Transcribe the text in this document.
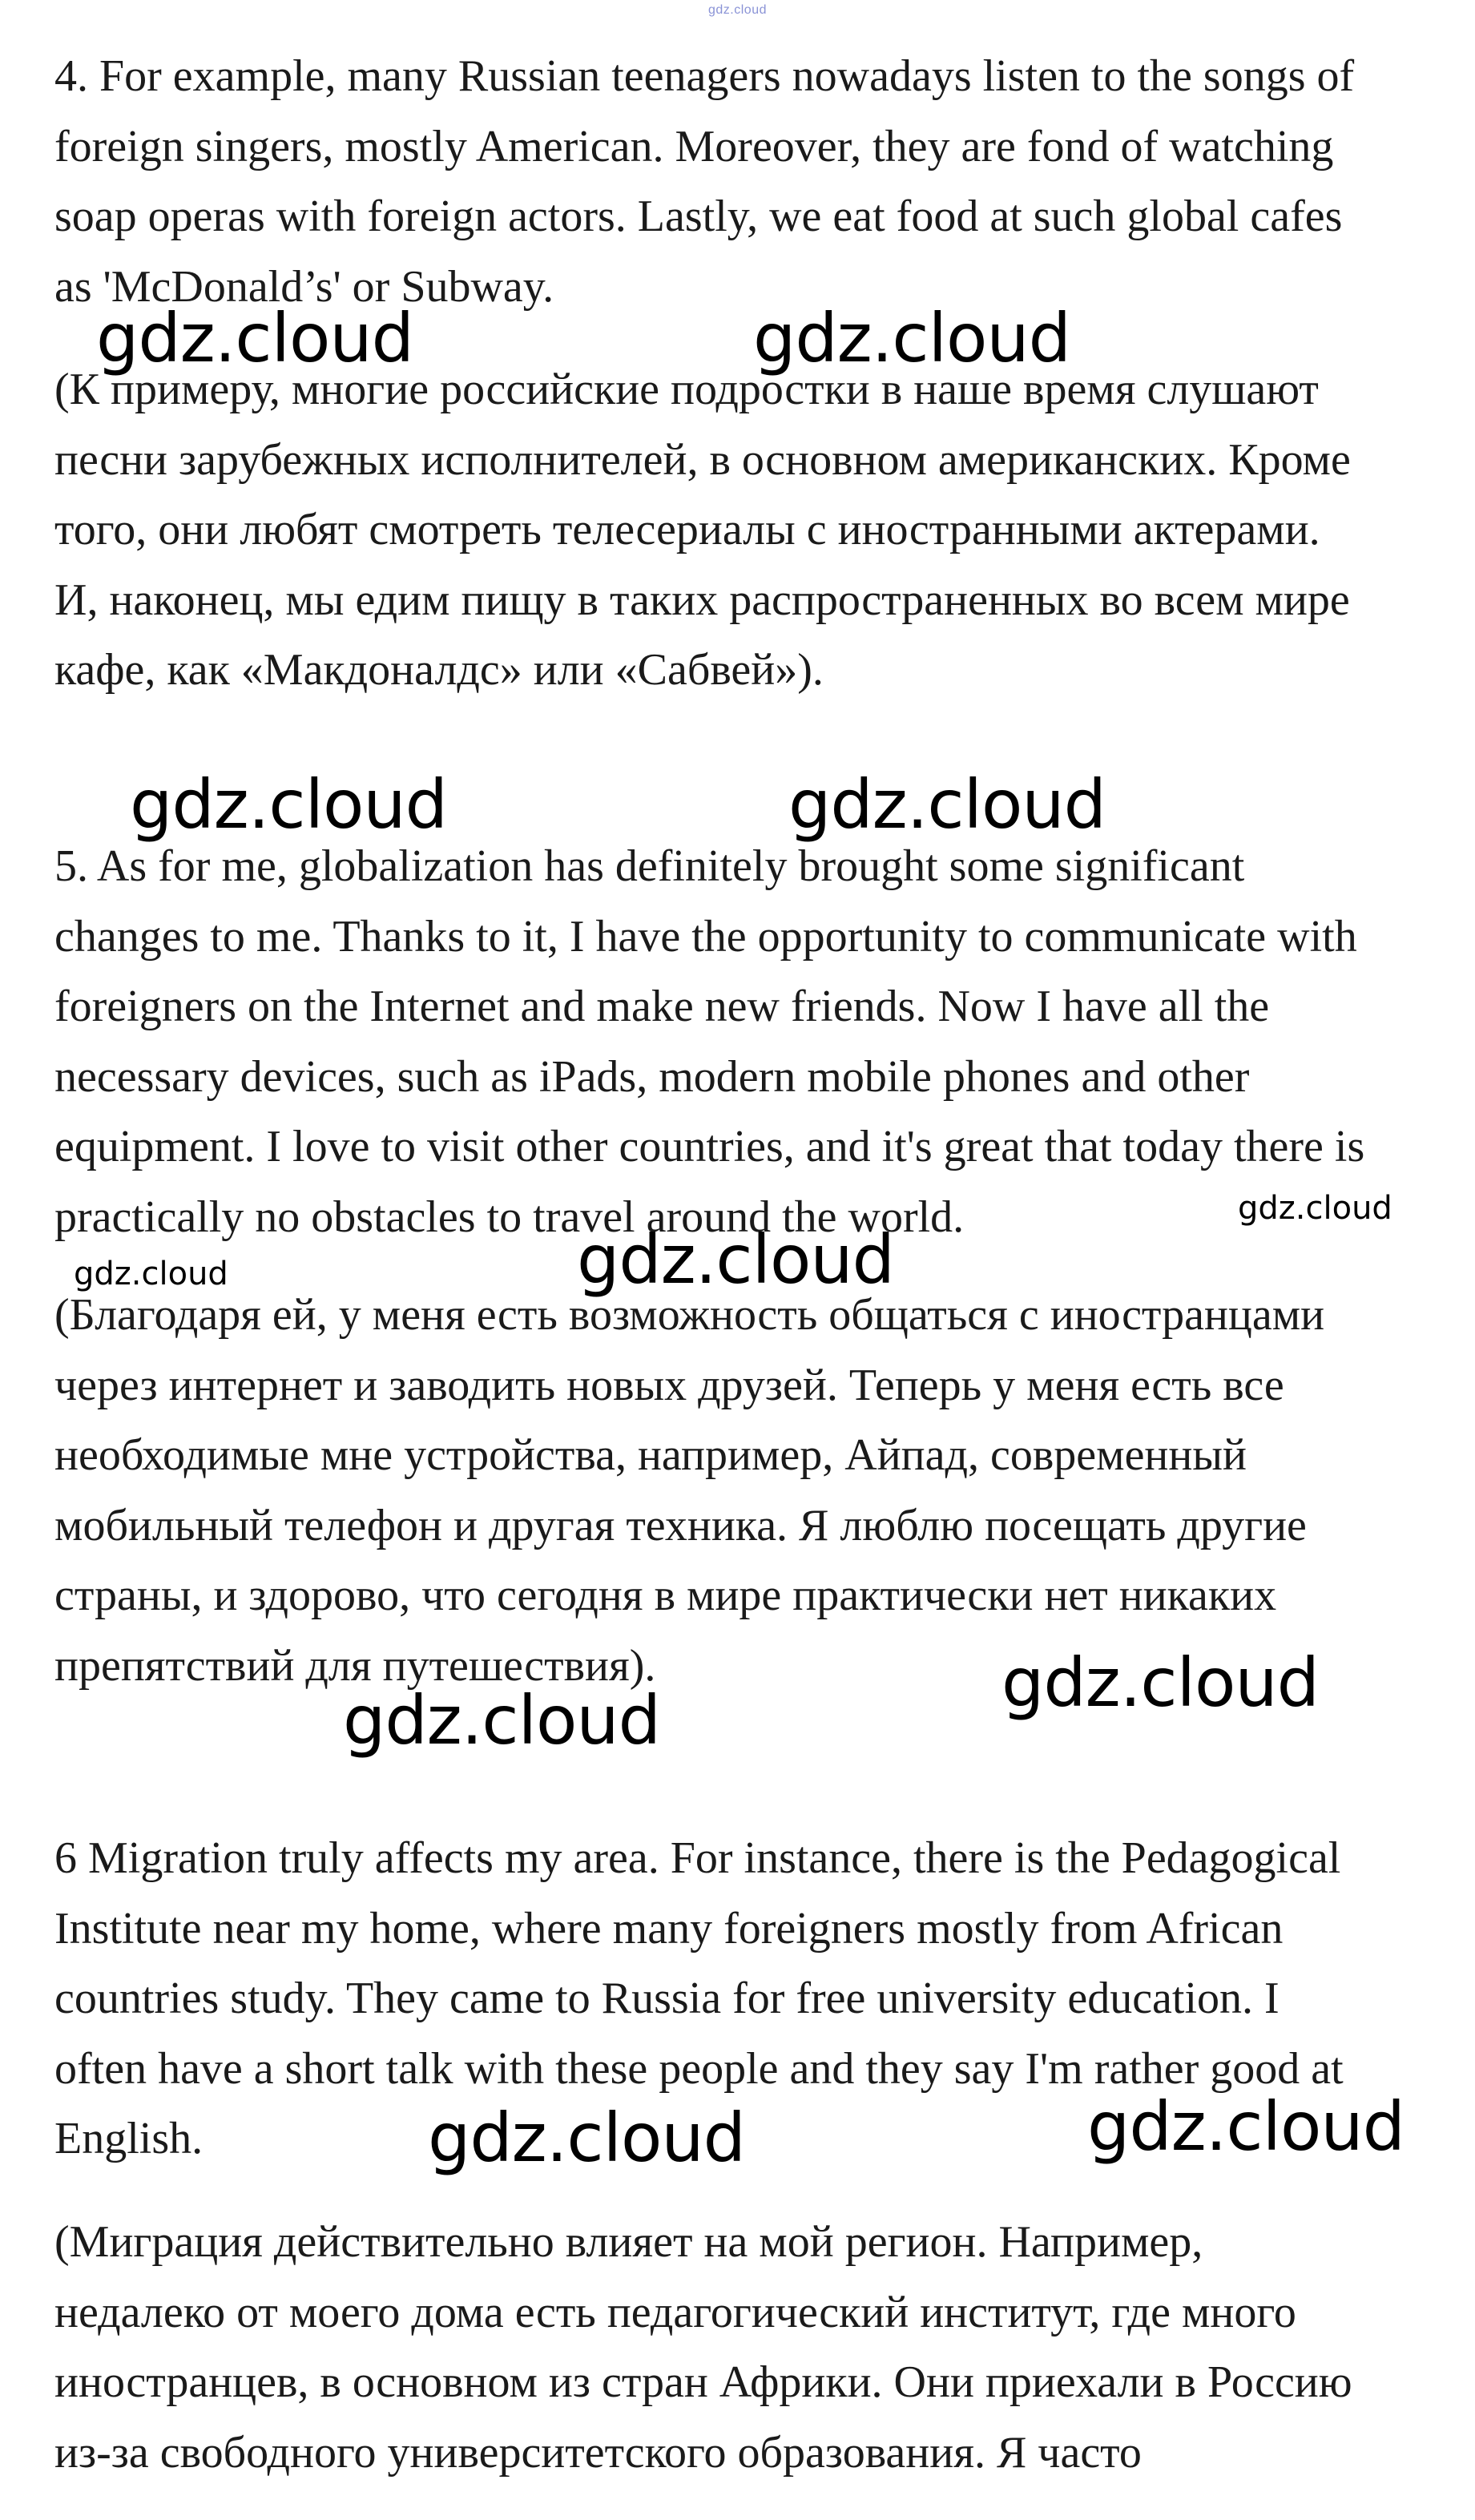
gdz.cloud

4. For example, many Russian teenagers nowadays listen to the songs of
foreign singers, mostly American. Moreover, they are fond of watching
soap operas with foreign actors. Lastly, we eat food at such global cafes
as 'McDonald’s' or Subway.

(К примеру, многие российские подростки в наше время слушают
песни зарубежных исполнителей, в основном американских. Кроме
того, они любят смотреть телесериалы с иностранными актерами.
И, наконец, мы едим пищу в таких распространенных во всем мире
кафе, как «Макдоналдс» или «Сабвей»).

5. As for me, globalization has definitely brought some significant
changes to me. Thanks to it, I have the opportunity to communicate with
foreigners on the Internet and make new friends. Now I have all the
necessary devices, such as iPads, modern mobile phones and other
equipment. I love to visit other countries, and it's great that today there is
practically no obstacles to travel around the world.

(Благодаря ей, у меня есть возможность общаться с иностранцами
через интернет и заводить новых друзей. Теперь у меня есть все
необходимые мне устройства, например, Айпад, современный
мобильный телефон и другая техника. Я люблю посещать другие
страны, и здорово, что сегодня в мире практически нет никаких
препятствий для путешествия).

6 Migration truly affects my area. For instance, there is the Pedagogical
Institute near my home, where many foreigners mostly from African
countries study. They came to Russia for free university education. I
often have a short talk with these people and they say I'm rather good at
English.

(Миграция действительно влияет на мой регион. Например,
недалеко от моего дома есть педагогический институт, где много
иностранцев, в основном из стран Африки. Они приехали в Россию
из-за свободного университетского образования. Я часто

gdz.cloud	gdz.cloud
gdz.cloud	gdz.cloud
gdz.cloud
gdz.cloud
gdz.cloud
gdz.cloud
gdz.cloud
gdz.cloud
gdz.cloud
